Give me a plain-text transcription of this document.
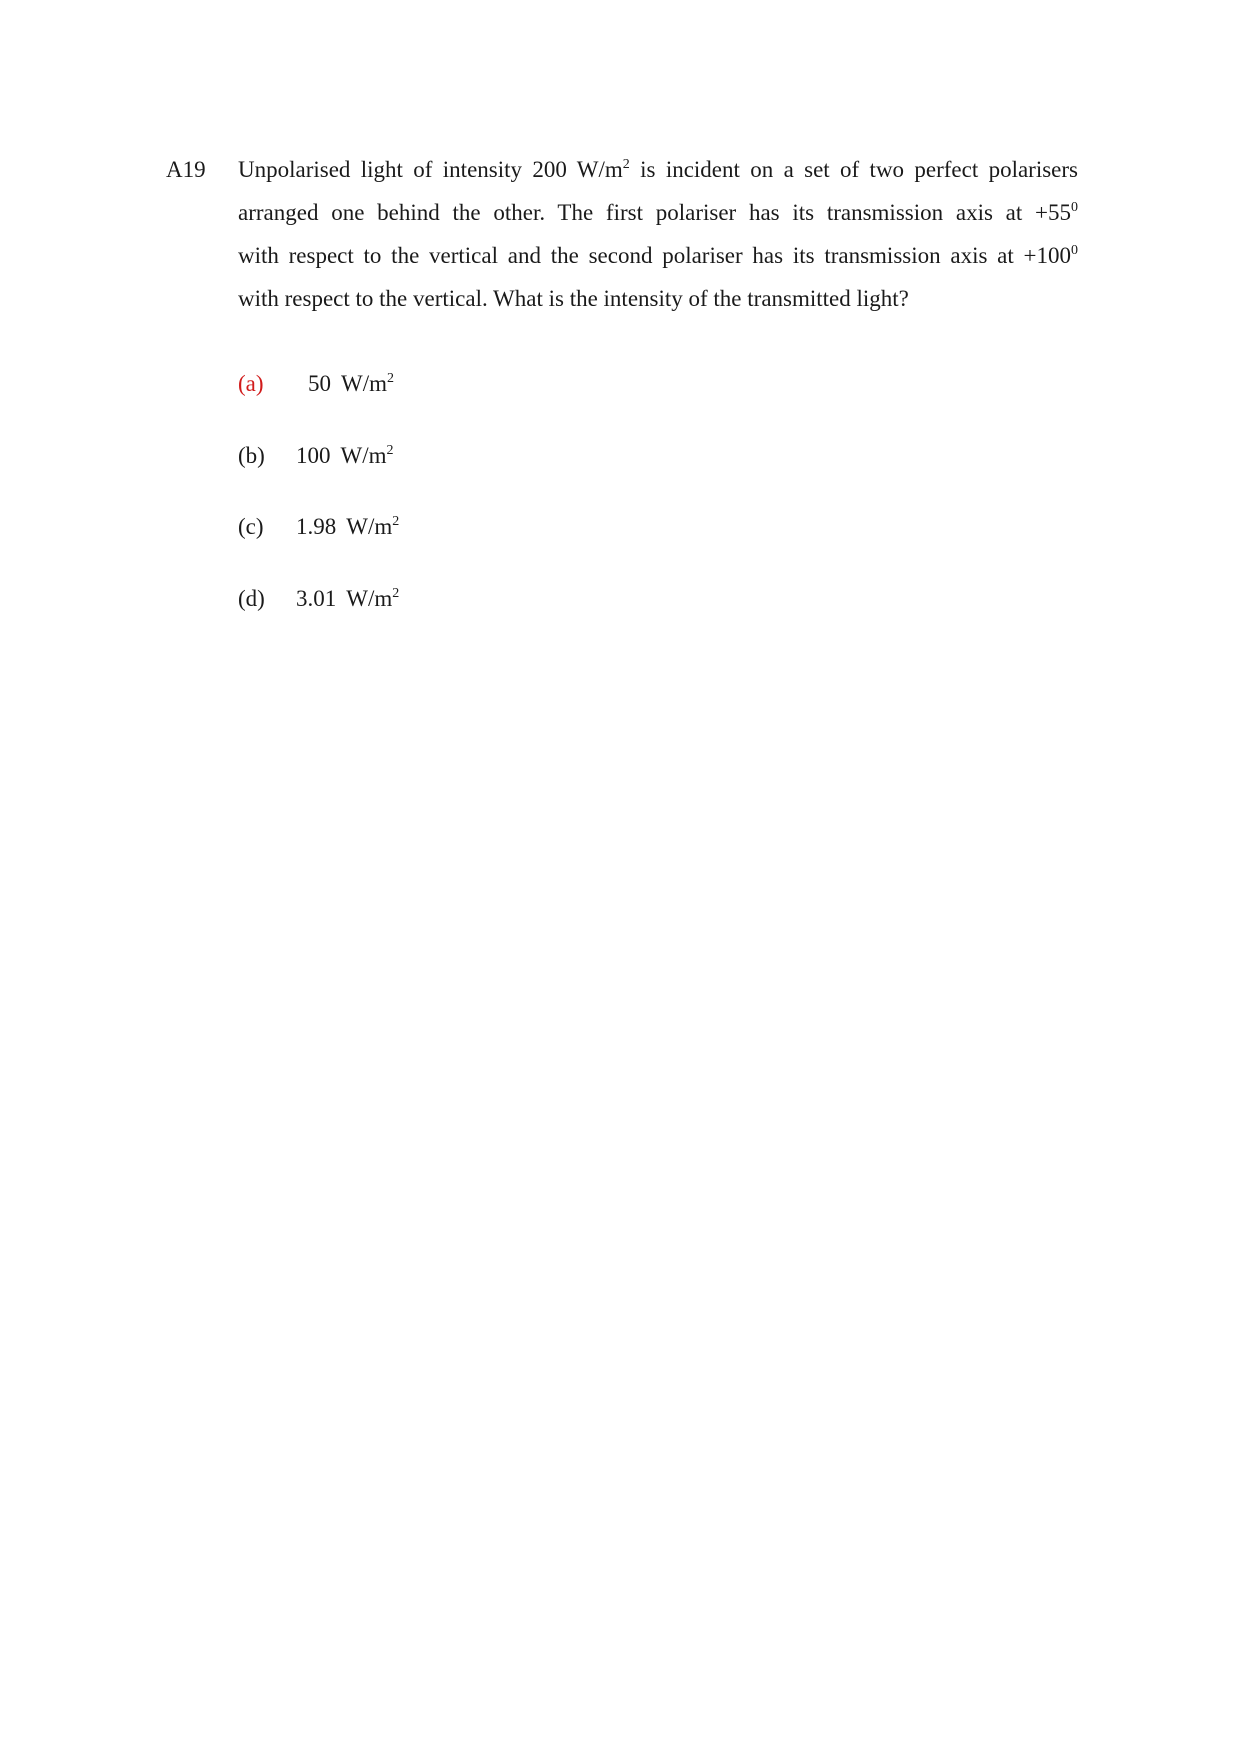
A19 Unpolarised light of intensity 200 $W/m^2$ is incident on a set of two perfect polarisers
arranged one behind the other. The first polariser has its transmission axis at $+55^0$
with respect to the vertical and the second polariser has its transmission axis at $+100^0$
with respect to the vertical. What is the intensity of the transmitted light?
(a) 50 $W/m^2$
(b) 100 $W/m^2$
(c) 1.98 $W/m^2$
(d) 3.01 $W/m^2$
